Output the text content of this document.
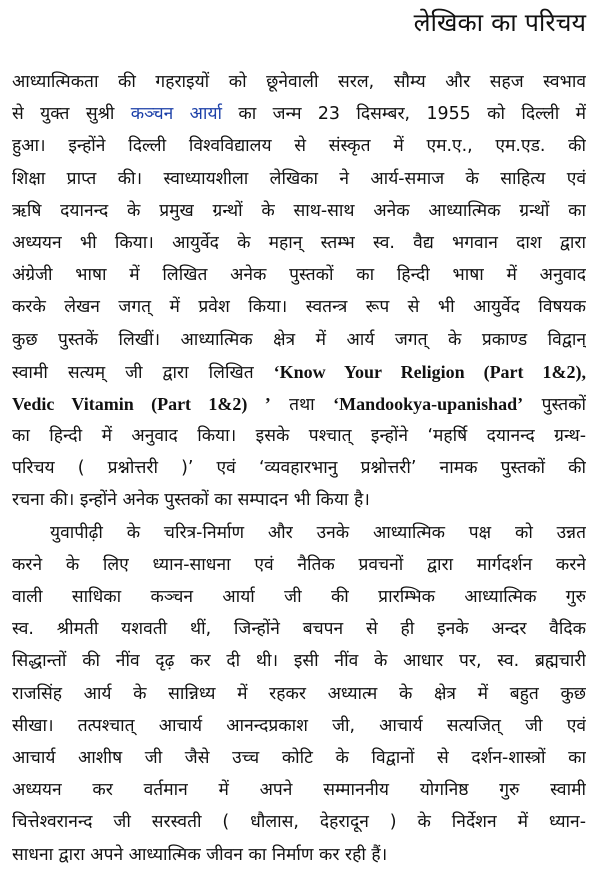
लेखिका का परिचय
आध्यात्मिकता की गहराइयों को छूनेवाली सरल, सौम्य और सहज स्वभाव
से युक्त सुश्री कञ्चन आर्या का जन्म 23 दिसम्बर, 1955 को दिल्ली में
हुआ। इन्होंने दिल्ली विश्वविद्यालय से संस्कृत में एम.ए., एम.एड. की
शिक्षा प्राप्त की। स्वाध्यायशीला लेखिका ने आर्य-समाज के साहित्य एवं
ऋषि दयानन्द के प्रमुख ग्रन्थों के साथ-साथ अनेक आध्यात्मिक ग्रन्थों का
अध्ययन भी किया। आयुर्वेद के महान् स्तम्भ स्व. वैद्य भगवान दाश द्वारा
अंग्रेजी भाषा में लिखित अनेक पुस्तकों का हिन्दी भाषा में अनुवाद
करके लेखन जगत् में प्रवेश किया। स्वतन्त्र रूप से भी आयुर्वेद विषयक
कुछ पुस्तकें लिखीं। आध्यात्मिक क्षेत्र में आर्य जगत् के प्रकाण्ड विद्वान्
स्वामी सत्यम् जी द्वारा लिखित ‘Know Your Religion (Part 1&2),
Vedic Vitamin (Part 1&2) ’ तथा ‘Mandookya-upanishad’ पुस्तकों
का हिन्दी में अनुवाद किया। इसके पश्चात् इन्होंने ‘महर्षि दयानन्द ग्रन्थ-
परिचय ( प्रश्नोत्तरी )’ एवं ‘व्यवहारभानु प्रश्नोत्तरी’ नामक पुस्तकों की
रचना की। इन्होंने अनेक पुस्तकों का सम्पादन भी किया है।
युवापीढ़ी के चरित्र-निर्माण और उनके आध्यात्मिक पक्ष को उन्नत
करने के लिए ध्यान-साधना एवं नैतिक प्रवचनों द्वारा मार्गदर्शन करने
वाली साधिका कञ्चन आर्या जी की प्रारम्भिक आध्यात्मिक गुरु
स्व. श्रीमती यशवती थीं, जिन्होंने बचपन से ही इनके अन्दर वैदिक
सिद्धान्तों की नींव दृढ़ कर दी थी। इसी नींव के आधार पर, स्व. ब्रह्मचारी
राजसिंह आर्य के सान्निध्य में रहकर अध्यात्म के क्षेत्र में बहुत कुछ
सीखा। तत्पश्चात् आचार्य आनन्दप्रकाश जी, आचार्य सत्यजित् जी एवं
आचार्य आशीष जी जैसे उच्च कोटि के विद्वानों से दर्शन-शास्त्रों का
अध्ययन कर वर्तमान में अपने सम्माननीय योगनिष्ठ गुरु स्वामी
चित्तेश्वरानन्द जी सरस्वती ( धौलास, देहरादून ) के निर्देशन में ध्यान-
साधना द्वारा अपने आध्यात्मिक जीवन का निर्माण कर रही हैं।
